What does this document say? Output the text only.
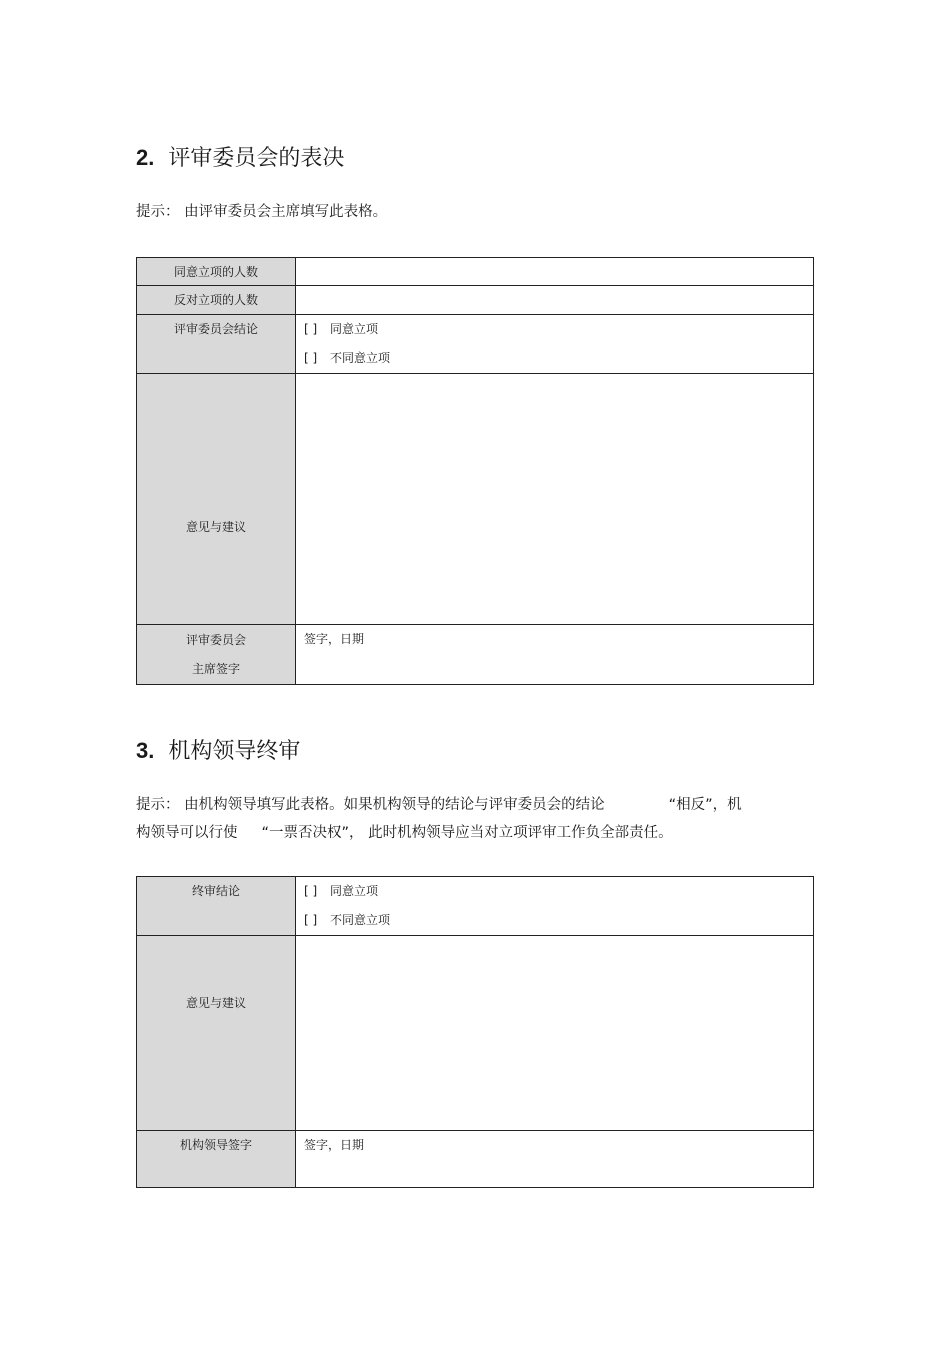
2. 评审委员会的表决

提示： 由评审委员会主席填写此表格。

同意立项的人数	

反对立项的人数	

评审委员会结论	[ ] 同意立项
[ ] 不同意立项

意见与建议	

评审委员会
主席签字	签字，日期
3. 机构领导终审

提示： 由机构领导填写此表格。如果机构领导的结论与评审委员会的结论	“相反”，机
构领导可以行使 “一票否决权”， 此时机构领导应当对立项评审工作负全部责任。

终审结论	[ ] 同意立项
[ ] 不同意立项

意见与建议	

机构领导签字	签字，日期
